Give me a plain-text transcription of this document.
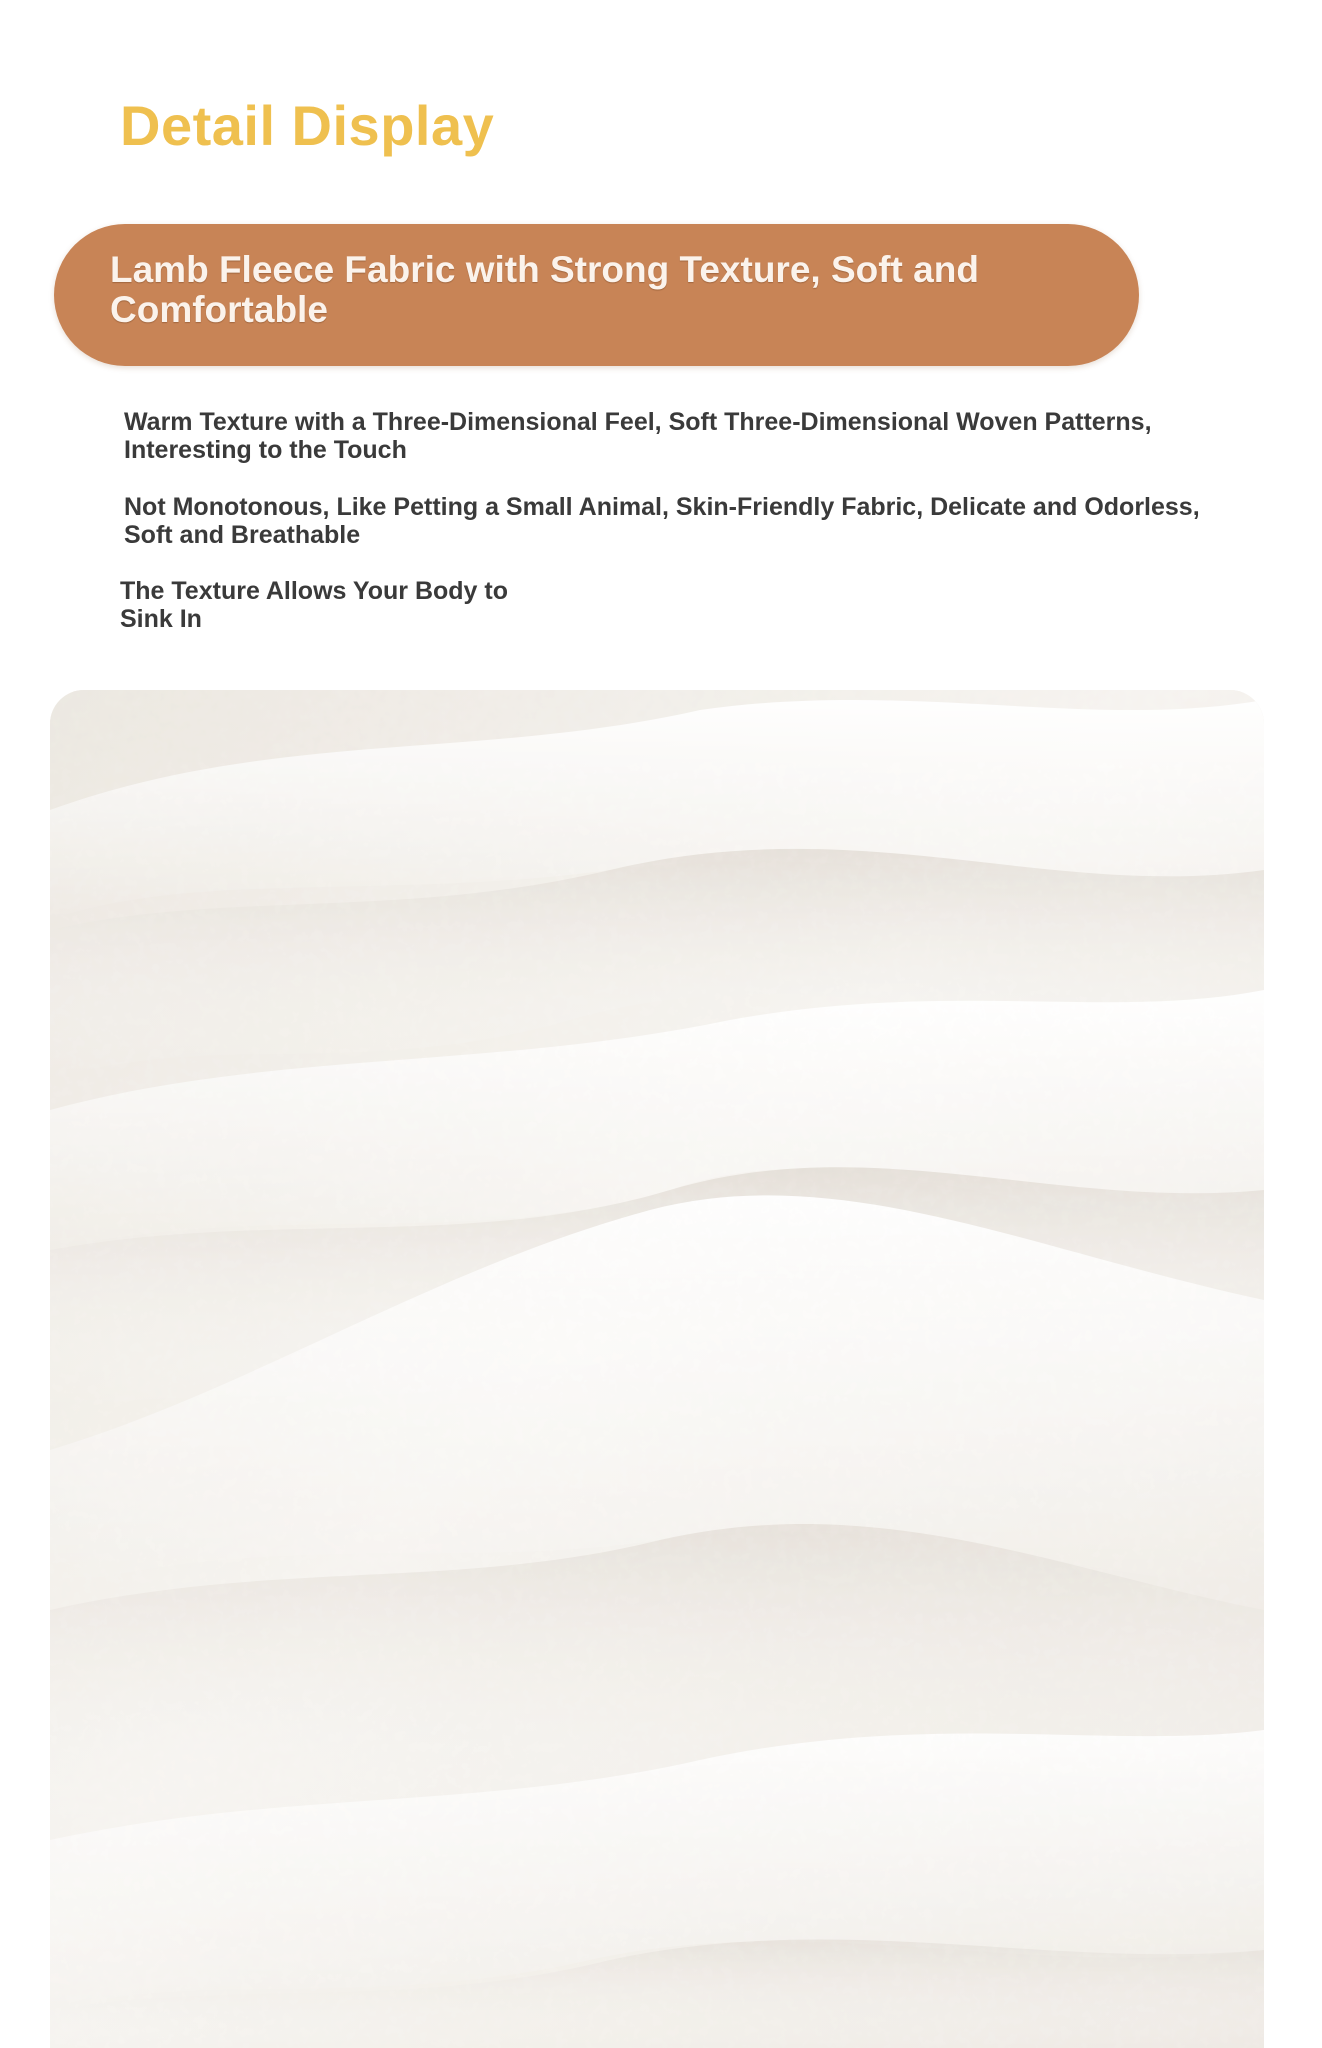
Detail Display

Lamb Fleece Fabric with Strong Texture, Soft and Comfortable

Warm Texture with a Three-Dimensional Feel, Soft Three-Dimensional Woven Patterns, Interesting to the Touch

Not Monotonous, Like Petting a Small Animal, Skin-Friendly Fabric, Delicate and Odorless, Soft and Breathable

The Texture Allows Your Body to Sink In
